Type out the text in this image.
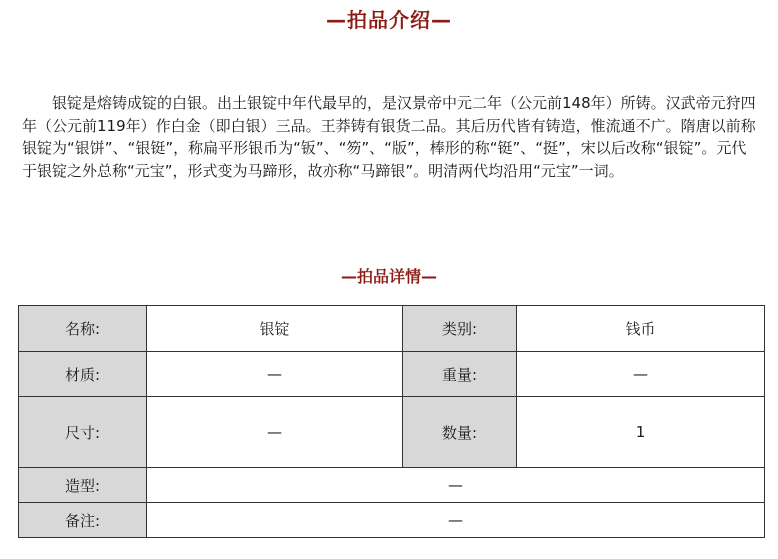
—拍品介绍—

银锭是熔铸成锭的白银。出土银锭中年代最早的，是汉景帝中元二年（公元前148年）所铸。汉武帝元狩四年（公元前119年）作白金（即白银）三品。王莽铸有银货二品。其后历代皆有铸造，惟流通不广。隋唐以前称银锭为“银饼”、“银铤”，称扁平形银币为“钣”、“笏”、“版”，棒形的称“铤”、“挺”，宋以后改称“银锭”。元代于银锭之外总称“元宝”，形式变为马蹄形，故亦称“马蹄银”。明清两代均沿用“元宝”一词。

—拍品详情—
名称:	银锭	类别:	钱币
材质:	—	重量:	—
尺寸:	—	数量:	1
造型:	—		
备注:	—		
